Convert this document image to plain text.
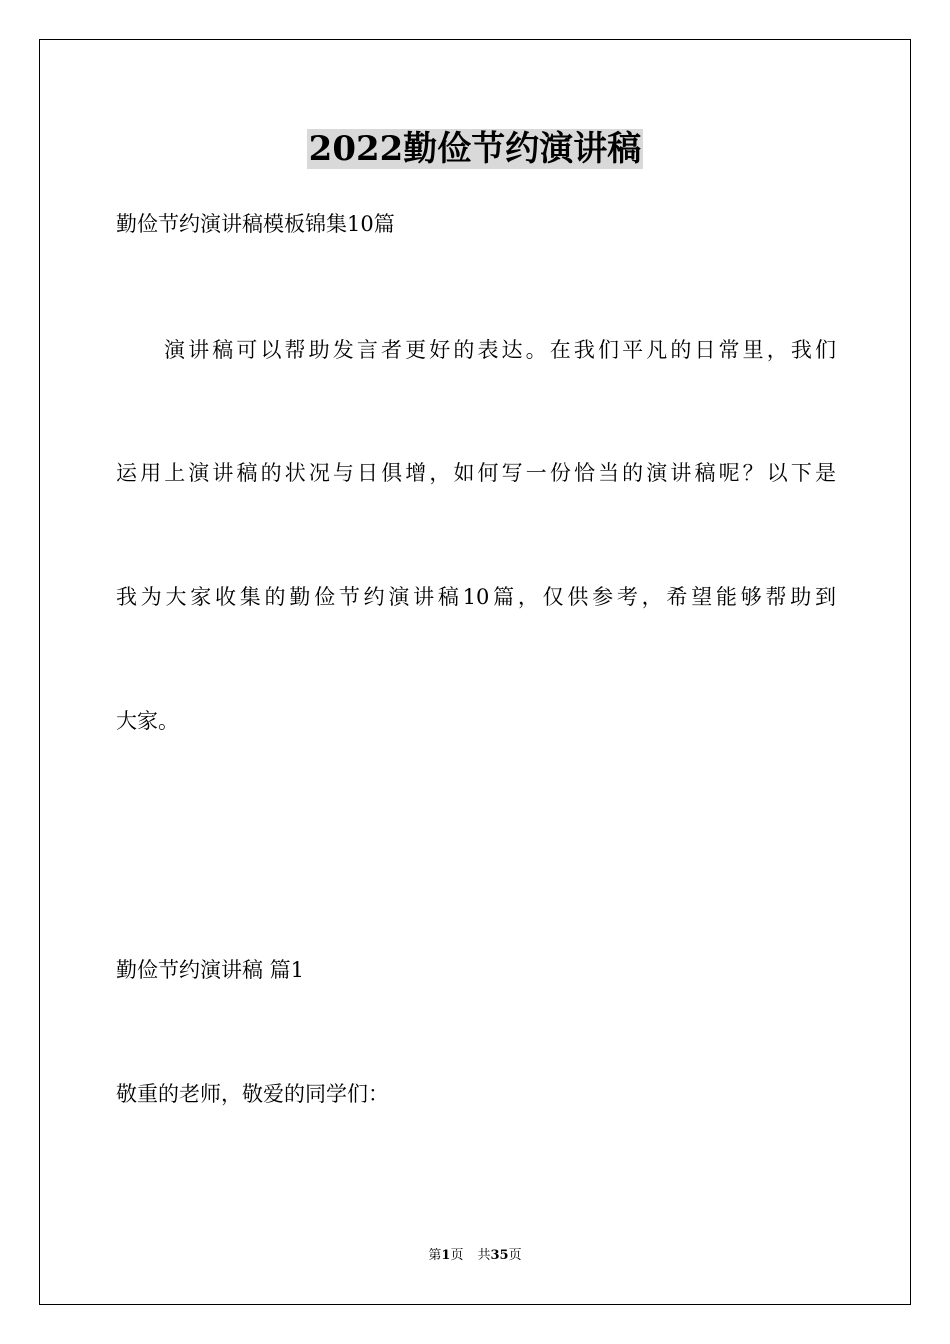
2022勤俭节约演讲稿
勤俭节约演讲稿模板锦集10篇
演讲稿可以帮助发言者更好的表达。在我们平凡的日常里，我们
运用上演讲稿的状况与日俱增，如何写一份恰当的演讲稿呢？以下是
我为大家收集的勤俭节约演讲稿10篇，仅供参考，希望能够帮助到
大家。
勤俭节约演讲稿 篇1
敬重的老师，敬爱的同学们：
第1页 共35页
